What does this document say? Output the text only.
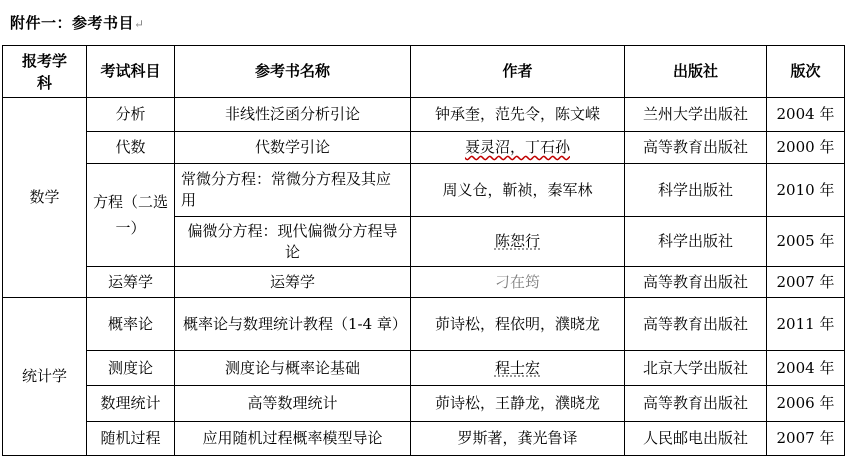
附件一：参考书目↵
报考学科	考试科目	参考书名称	作者	出版社	版次
数学	分析	非线性泛函分析引论	钟承奎，范先令，陈文嵘	兰州大学出版社	2004 年
	代数	代数学引论	聂灵沼，丁石孙	高等教育出版社	2000 年
	方程（二选一）	常微分方程：常微分方程及其应用	周义仓，靳祯，秦军林	科学出版社	2010 年
		偏微分方程：现代偏微分方程导论	陈恕行	科学出版社	2005 年
	运筹学	运筹学	刁在筠	高等教育出版社	2007 年
统计学	概率论	概率论与数理统计教程（1-4 章）	茆诗松，程依明，濮晓龙	高等教育出版社	2011 年
	测度论	测度论与概率论基础	程士宏	北京大学出版社	2004 年
	数理统计	高等数理统计	茆诗松，王静龙，濮晓龙	高等教育出版社	2006 年
	随机过程	应用随机过程概率模型导论	罗斯著，龚光鲁译	人民邮电出版社	2007 年
